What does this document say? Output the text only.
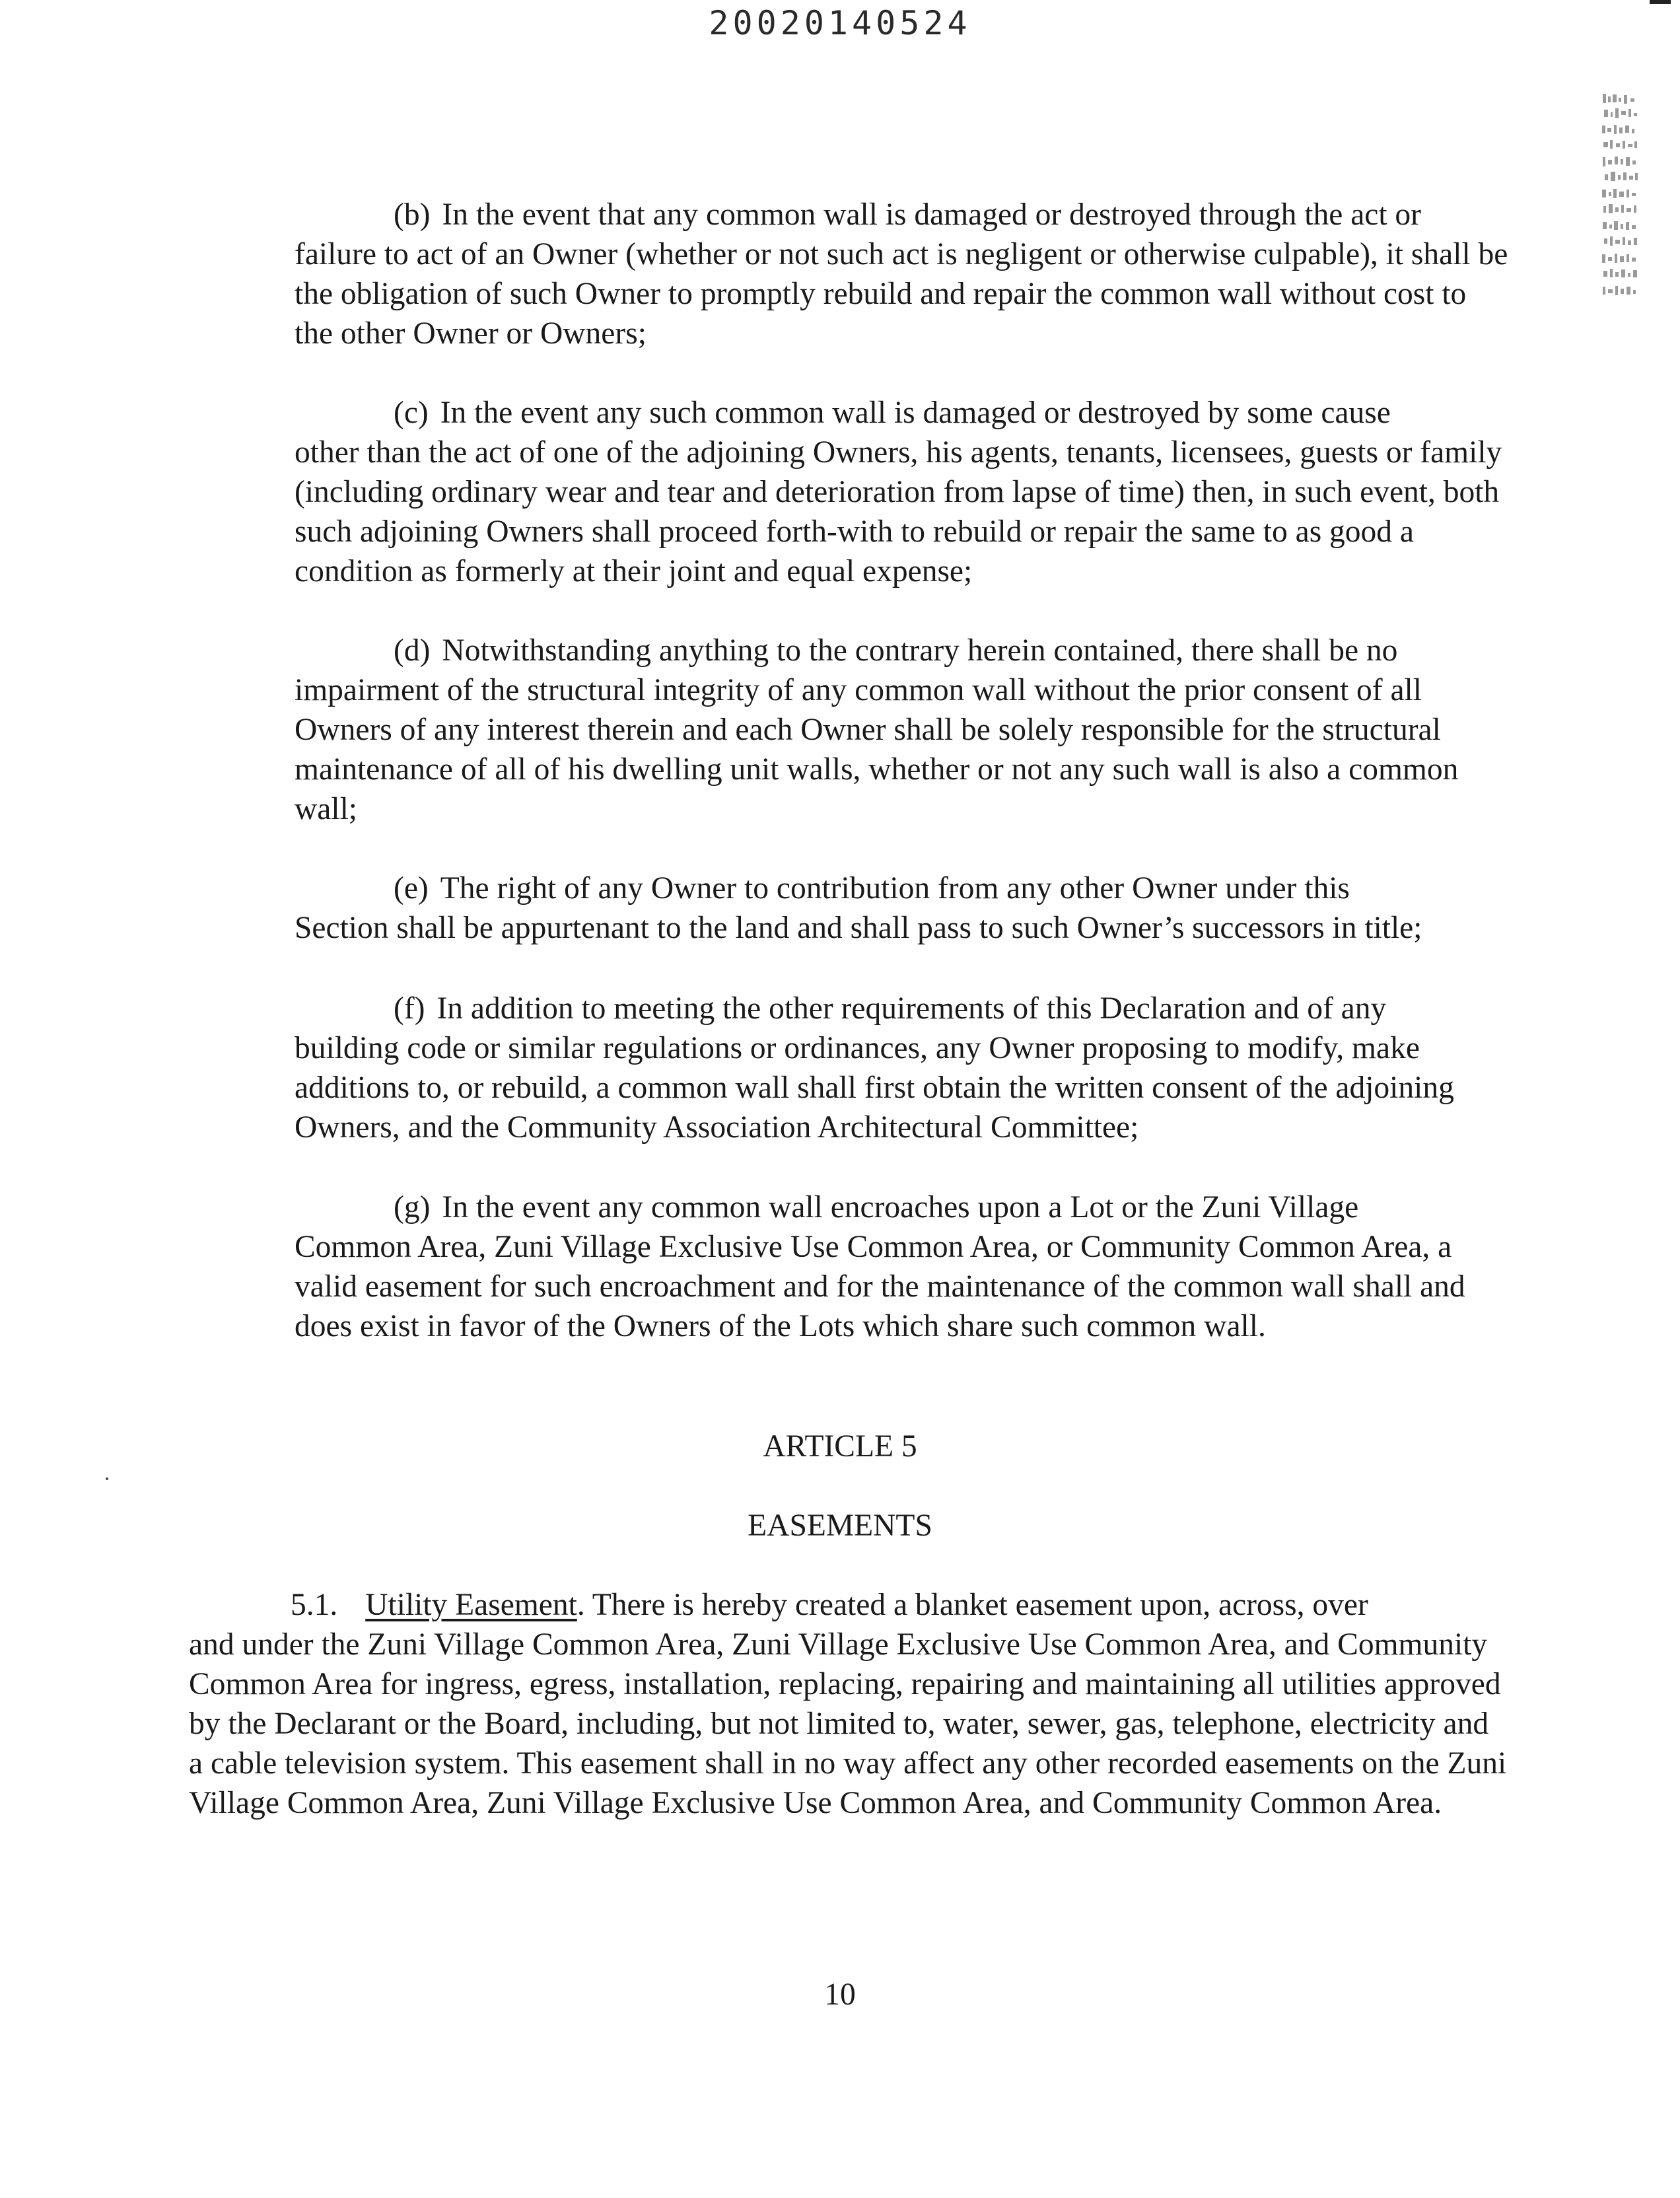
20020140524

(b) In the event that any common wall is damaged or destroyed through the act or
failure to act of an Owner (whether or not such act is negligent or otherwise culpable), it shall be the obligation of such Owner to promptly rebuild and repair the common wall without cost to the other Owner or Owners;

(c) In the event any such common wall is damaged or destroyed by some cause
other than the act of one of the adjoining Owners, his agents, tenants, licensees, guests or family (including ordinary wear and tear and deterioration from lapse of time) then, in such event, both such adjoining Owners shall proceed forth-with to rebuild or repair the same to as good a condition as formerly at their joint and equal expense;

(d) Notwithstanding anything to the contrary herein contained, there shall be no
impairment of the structural integrity of any common wall without the prior consent of all Owners of any interest therein and each Owner shall be solely responsible for the structural maintenance of all of his dwelling unit walls, whether or not any such wall is also a common wall;

(e) The right of any Owner to contribution from any other Owner under this
Section shall be appurtenant to the land and shall pass to such Owner’s successors in title;

(f) In addition to meeting the other requirements of this Declaration and of any
building code or similar regulations or ordinances, any Owner proposing to modify, make additions to, or rebuild, a common wall shall first obtain the written consent of the adjoining Owners, and the Community Association Architectural Committee;

(g) In the event any common wall encroaches upon a Lot or the Zuni Village
Common Area, Zuni Village Exclusive Use Common Area, or Community Common Area, a valid easement for such encroachment and for the maintenance of the common wall shall and does exist in favor of the Owners of the Lots which share such common wall.

ARTICLE 5

EASEMENTS

5.1. Utility Easement. There is hereby created a blanket easement upon, across, over
and under the Zuni Village Common Area, Zuni Village Exclusive Use Common Area, and Community Common Area for ingress, egress, installation, replacing, repairing and maintaining all utilities approved by the Declarant or the Board, including, but not limited to, water, sewer, gas, telephone, electricity and a cable television system. This easement shall in no way affect any other recorded easements on the Zuni Village Common Area, Zuni Village Exclusive Use Common Area, and Community Common Area.

10
